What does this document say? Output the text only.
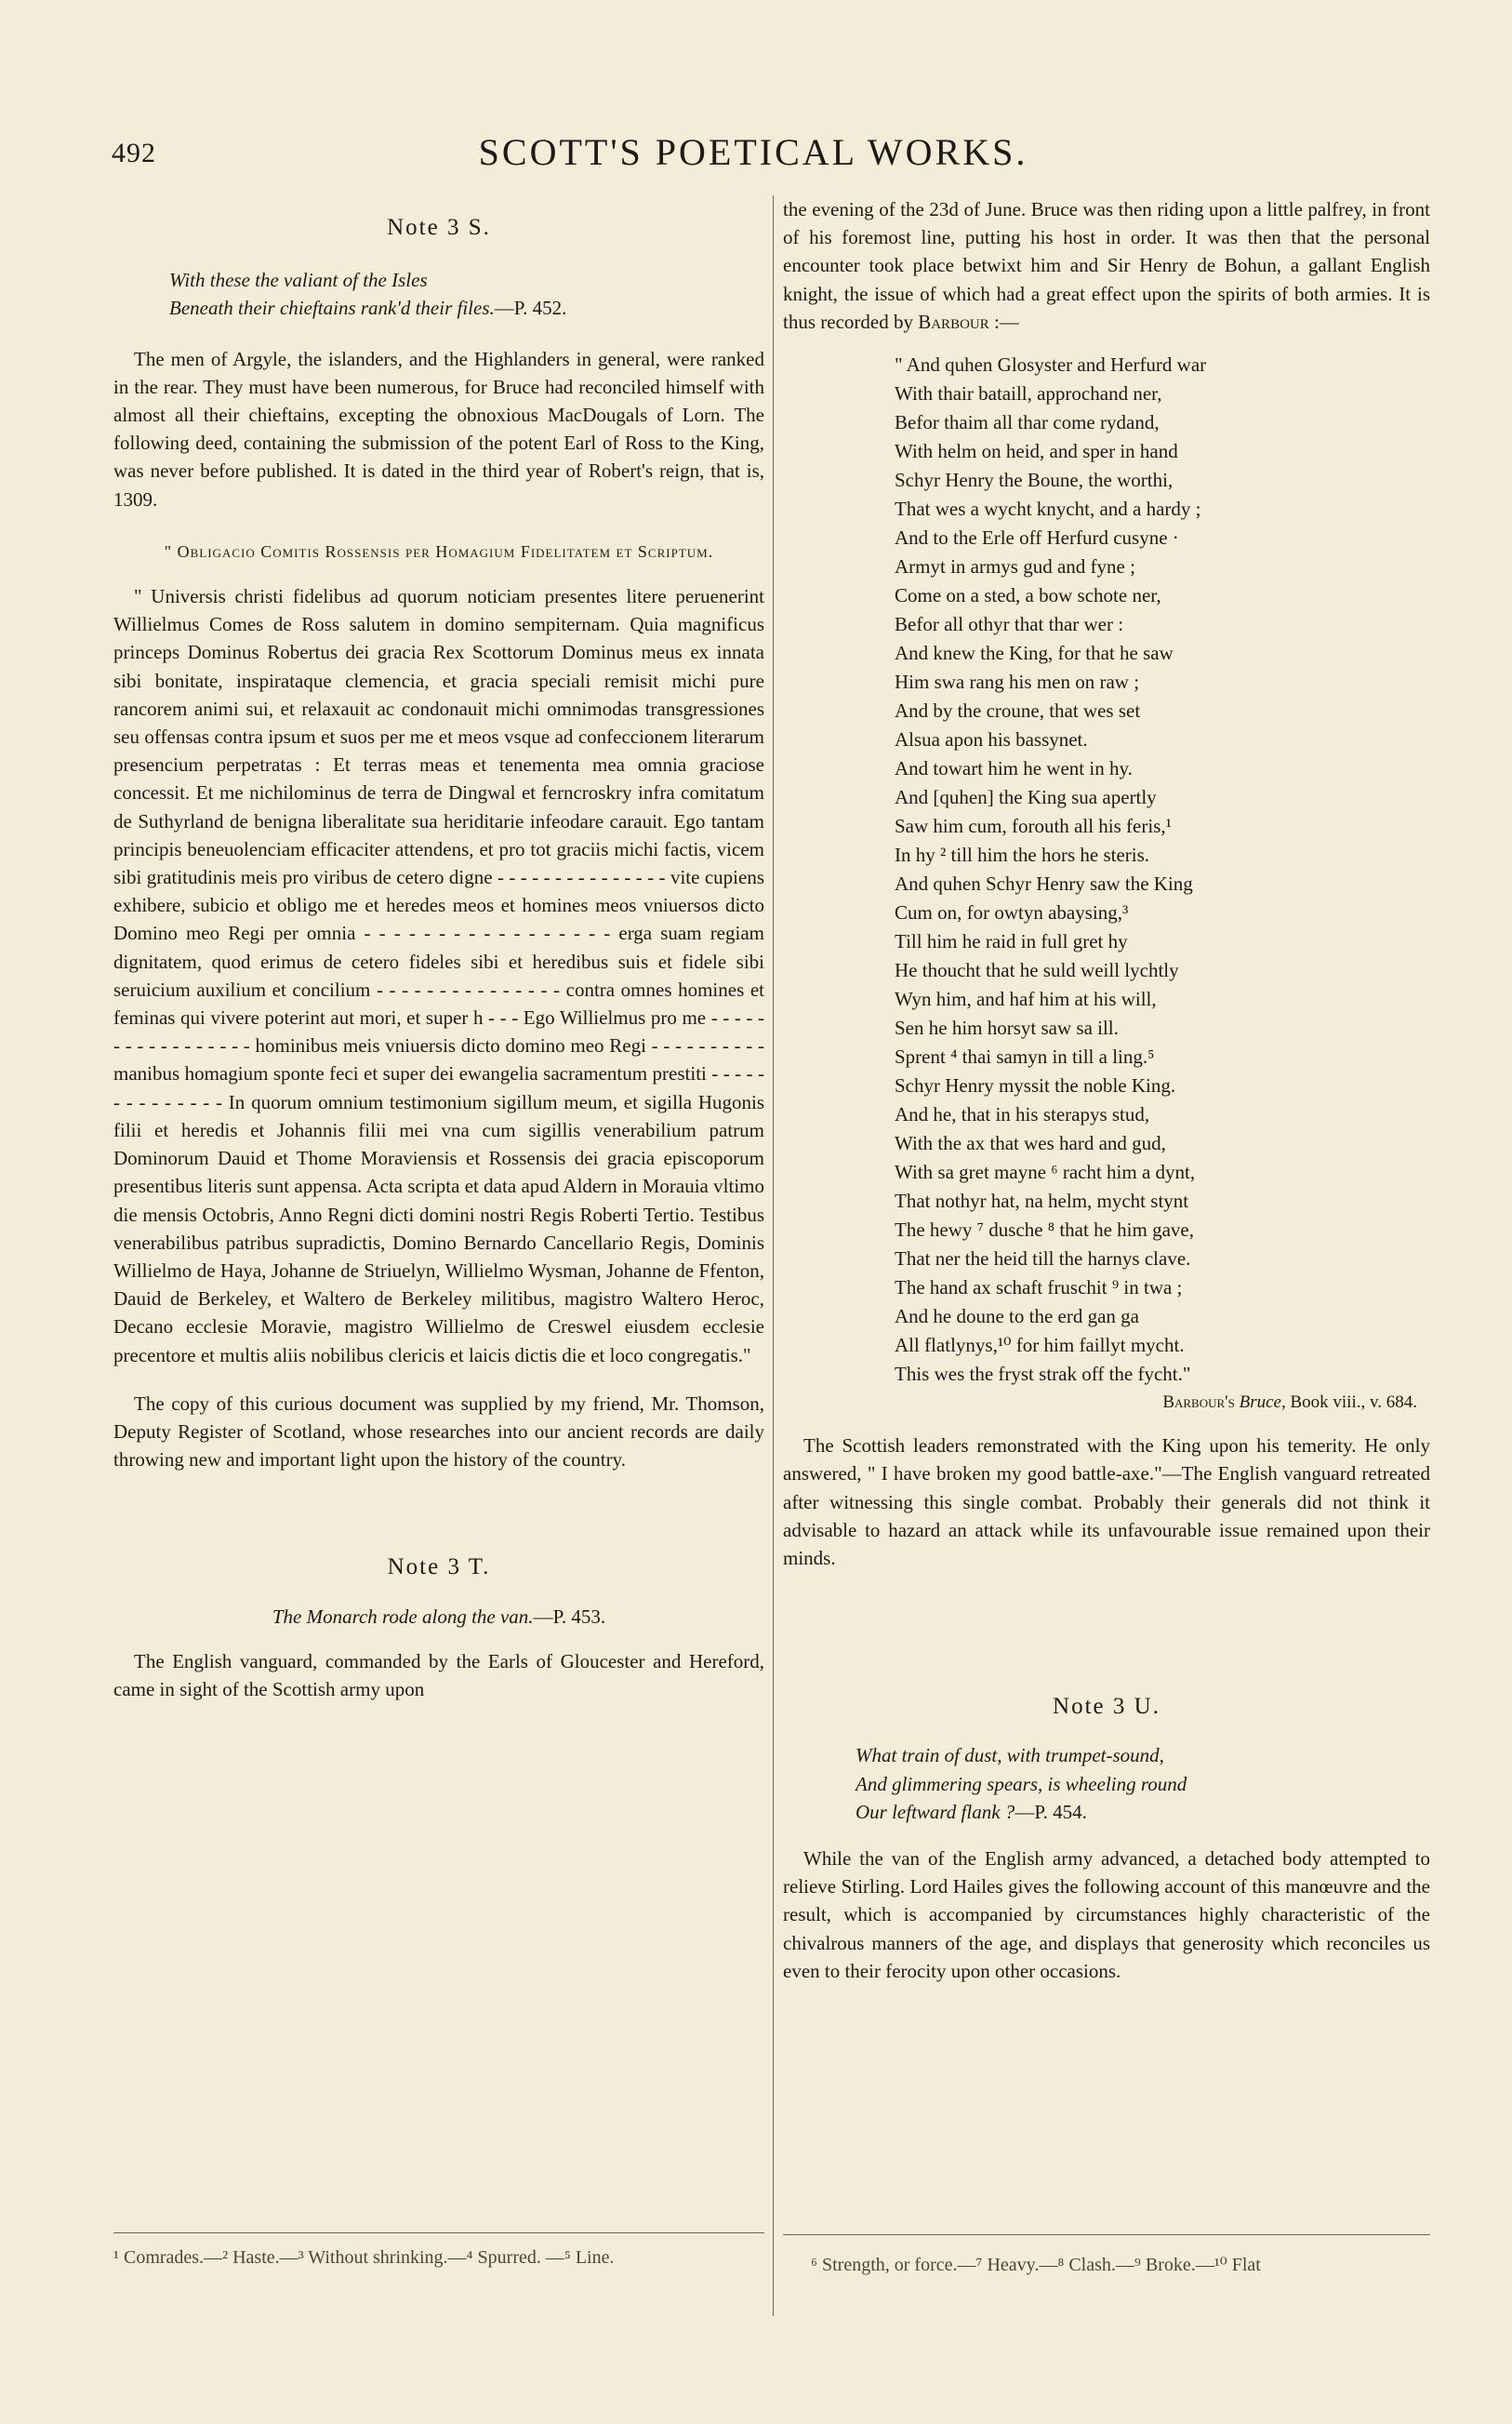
492	SCOTT'S POETICAL WORKS.

Note 3 S.

With these the valiant of the Isles

Beneath their chieftains rank'd their files.—P. 452.

The men of Argyle, the islanders, and the Highlanders in general, were ranked in the rear. They must have been numerous, for Bruce had reconciled himself with almost all their chieftains, excepting the obnoxious MacDougals of Lorn. The following deed, containing the submission of the potent Earl of Ross to the King, was never before published. It is dated in the third year of Robert's reign, that is, 1309.

" Obligacio Comitis Rossensis per Homagium Fidelitatem et Scriptum.

" Universis christi fidelibus ad quorum noticiam presentes litere peruenerint Willielmus Comes de Ross salutem in domino sempiternam. Quia magnificus princeps Dominus Robertus dei gracia Rex Scottorum Dominus meus ex innata sibi bonitate, inspirataque clemencia, et gracia speciali remisit michi pure rancorem animi sui, et relaxauit ac condonauit michi omnimodas transgressiones seu offensas contra ipsum et suos per me et meos vsque ad confeccionem literarum presencium perpetratas : Et terras meas et tenementa mea omnia graciose concessit. Et me nichilominus de terra de Dingwal et ferncroskry infra comitatum de Suthyrland de benigna liberalitate sua heriditarie infeodare carauit. Ego tantam principis beneuolenciam efficaciter attendens, et pro tot graciis michi factis, vicem sibi gratitudinis meis pro viribus de cetero digne - - - - - - - - - - - - - - - vite cupiens exhibere, subicio et obligo me et heredes meos et homines meos vniuersos dicto Domino meo Regi per omnia - - - - - - - - - - - - - - - - - erga suam regiam dignitatem, quod erimus de cetero fideles sibi et heredibus suis et fidele sibi seruicium auxilium et concilium - - - - - - - - - - - - - - - contra omnes homines et feminas qui vivere poterint aut mori, et super h - - - Ego Willielmus pro me - - - - - - - - - - - - - - - - - hominibus meis vniuersis dicto domino meo Regi - - - - - - - - - - manibus homagium sponte feci et super dei ewangelia sacramentum prestiti - - - - - - - - - - - - - - In quorum omnium testimonium sigillum meum, et sigilla Hugonis filii et heredis et Johannis filii mei vna cum sigillis venerabilium patrum Dominorum Dauid et Thome Moraviensis et Rossensis dei gracia episcoporum presentibus literis sunt appensa. Acta scripta et data apud Aldern in Morauia vltimo die mensis Octobris, Anno Regni dicti domini nostri Regis Roberti Tertio. Testibus venerabilibus patribus supradictis, Domino Bernardo Cancellario Regis, Dominis Willielmo de Haya, Johanne de Striuelyn, Willielmo Wysman, Johanne de Ffenton, Dauid de Berkeley, et Waltero de Berkeley militibus, magistro Waltero Heroc, Decano ecclesie Moravie, magistro Willielmo de Creswel eiusdem ecclesie precentore et multis aliis nobilibus clericis et laicis dictis die et loco congregatis."

The copy of this curious document was supplied by my friend, Mr. Thomson, Deputy Register of Scotland, whose researches into our ancient records are daily throwing new and important light upon the history of the country.

Note 3 T.

The Monarch rode along the van.—P. 453.

The English vanguard, commanded by the Earls of Gloucester and Hereford, came in sight of the Scottish army upon

¹ Comrades.—² Haste.—³ Without shrinking.—⁴ Spurred. —⁵ Line.

the evening of the 23d of June. Bruce was then riding upon a little palfrey, in front of his foremost line, putting his host in order. It was then that the personal encounter took place betwixt him and Sir Henry de Bohun, a gallant English knight, the issue of which had a great effect upon the spirits of both armies. It is thus recorded by Barbour :—

" And quhen Glosyster and Herfurd war
With thair bataill, approchand ner,
Befor thaim all thar come rydand,
With helm on heid, and sper in hand
Schyr Henry the Boune, the worthi,
That wes a wycht knycht, and a hardy ;
And to the Erle off Herfurd cusyne ·
Armyt in armys gud and fyne ;
Come on a sted, a bow schote ner,
Befor all othyr that thar wer :
And knew the King, for that he saw
Him swa rang his men on raw ;
And by the croune, that wes set
Alsua apon his bassynet.
And towart him he went in hy.
And [quhen] the King sua apertly
Saw him cum, forouth all his feris,¹
In hy ² till him the hors he steris.
And quhen Schyr Henry saw the King
Cum on, for owtyn abaysing,³
Till him he raid in full gret hy
He thoucht that he suld weill lychtly
Wyn him, and haf him at his will,
Sen he him horsyt saw sa ill.
Sprent ⁴ thai samyn in till a ling.⁵
Schyr Henry myssit the noble King.
And he, that in his sterapys stud,
With the ax that wes hard and gud,
With sa gret mayne ⁶ racht him a dynt,
That nothyr hat, na helm, mycht stynt
The hewy ⁷ dusche ⁸ that he him gave,
That ner the heid till the harnys clave.
The hand ax schaft fruschit ⁹ in twa ;
And he doune to the erd gan ga
All flatlynys,¹⁰ for him faillyt mycht.
This wes the fryst strak off the fycht."
Barbour's Bruce, Book viii., v. 684.

The Scottish leaders remonstrated with the King upon his temerity. He only answered, " I have broken my good battle-axe."—The English vanguard retreated after witnessing this single combat. Probably their generals did not think it advisable to hazard an attack while its unfavourable issue remained upon their minds.

Note 3 U.

What train of dust, with trumpet-sound,

And glimmering spears, is wheeling round

Our leftward flank ?—P. 454.

While the van of the English army advanced, a detached body attempted to relieve Stirling. Lord Hailes gives the following account of this manœuvre and the result, which is accompanied by circumstances highly characteristic of the chivalrous manners of the age, and displays that generosity which reconciles us even to their ferocity upon other occasions.

⁶ Strength, or force.—⁷ Heavy.—⁸ Clash.—⁹ Broke.—¹⁰ Flat
